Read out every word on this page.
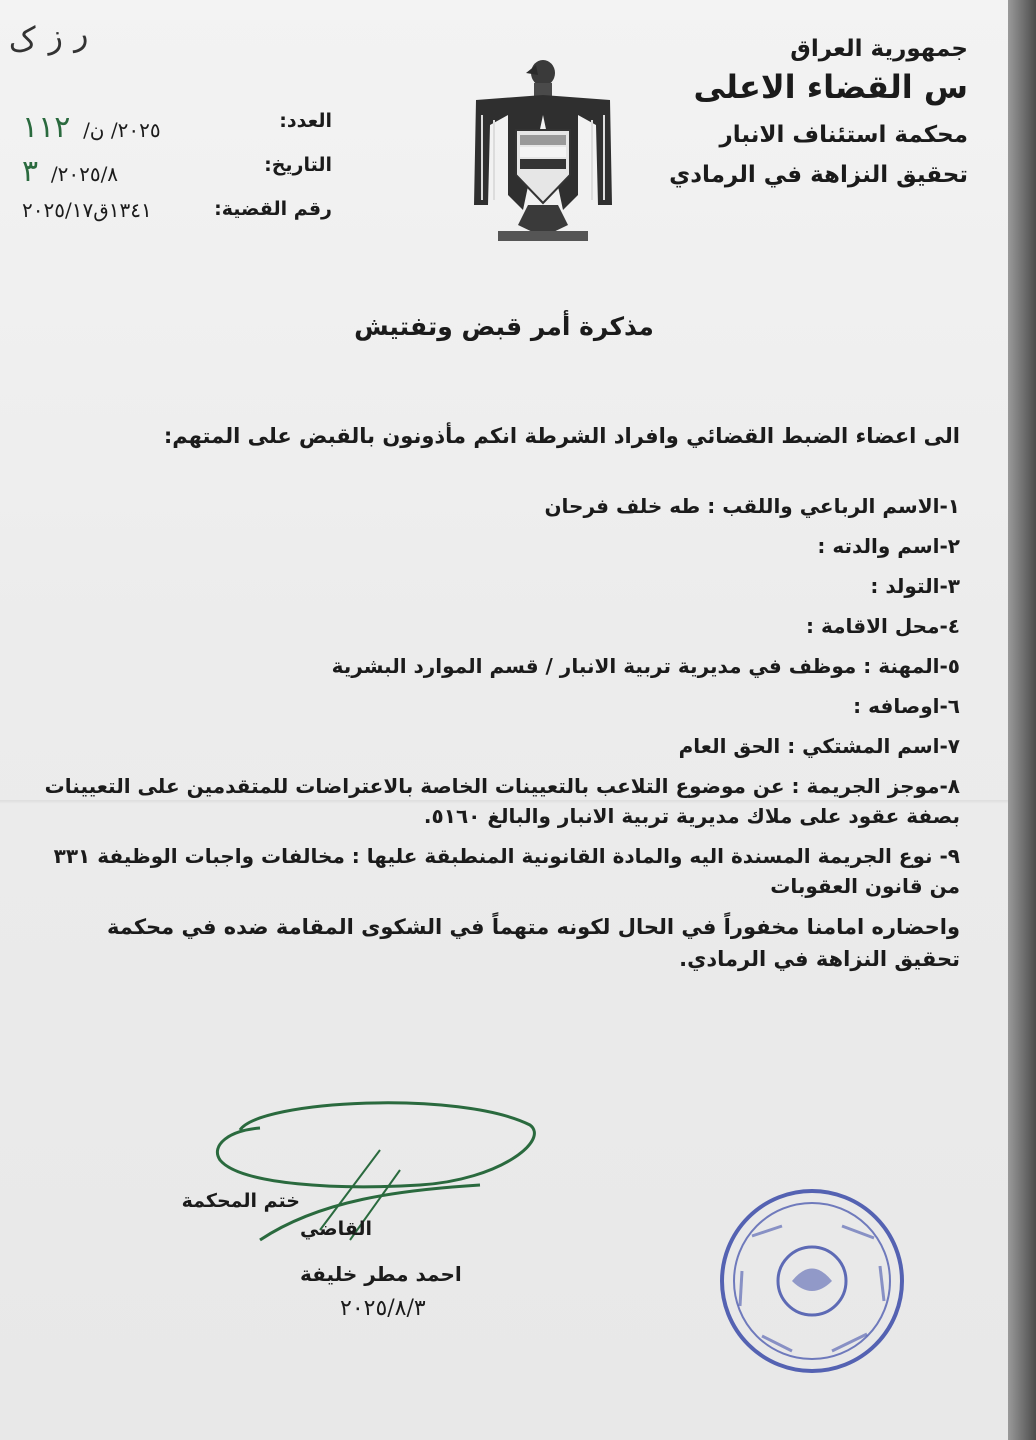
ر ز ک	جمهورية العراق
س القضاء الاعلى
محكمة استئناف الانبار
تحقيق النزاهة في الرمادي
العدد:
٢٠٢٥/ ن/  ١١٢
التاريخ:
٢٠٢٥/٨/  ٣
رقم القضية:
١٣٤١ق٢٠٢٥/١٧
مذكرة أمر قبض وتفتيش
الى اعضاء الضبط القضائي وافراد الشرطة انكم مأذونون بالقبض على المتهم:
١-الاسم الرباعي واللقب : طه خلف فرحان
٢-اسم والدته :
٣-التولد :
٤-محل الاقامة :
٥-المهنة : موظف في مديرية تربية الانبار / قسم الموارد البشرية
٦-اوصافه :
٧-اسم المشتكي : الحق العام
٨-موجز الجريمة : عن موضوع التلاعب بالتعيينات الخاصة بالاعتراضات للمتقدمين على التعيينات بصفة عقود على ملاك مديرية تربية الانبار والبالغ ٥١٦٠.
٩- نوع الجريمة المسندة اليه والمادة القانونية المنطبقة عليها : مخالفات واجبات الوظيفة ٣٣١ من قانون العقوبات
واحضاره امامنا مخفوراً في الحال لكونه متهماً في الشكوى المقامة ضده في محكمة تحقيق النزاهة في الرمادي.
القاضي
احمد مطر خليفة
٢٠٢٥/٨/٣
ختم المحكمة
